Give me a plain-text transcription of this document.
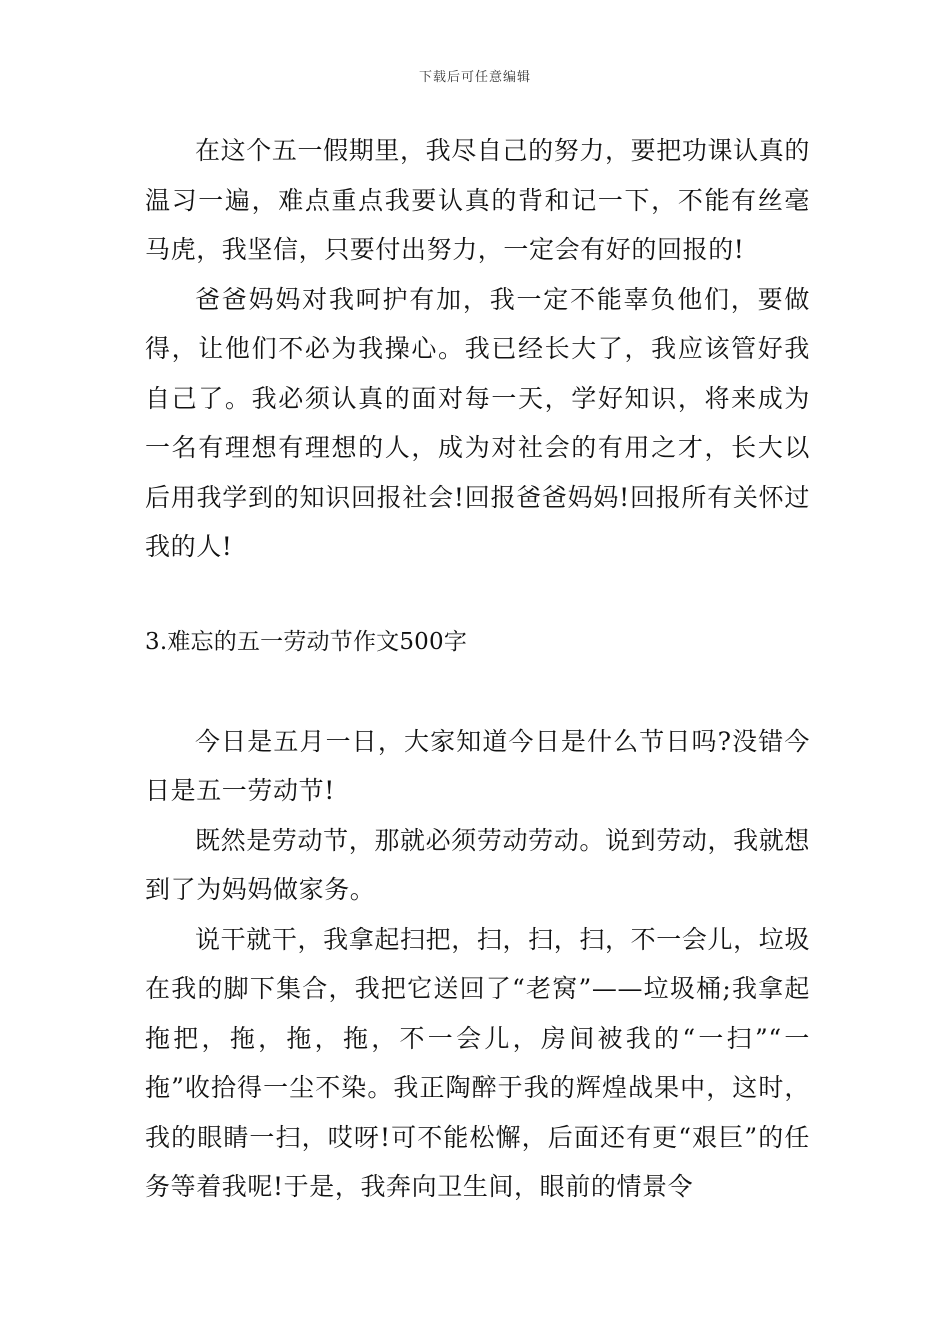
下载后可任意编辑

在这个五一假期里，我尽自己的努力，要把功课认真的温习一遍，难点重点我要认真的背和记一下，不能有丝毫马虎，我坚信，只要付出努力，一定会有好的回报的!

爸爸妈妈对我呵护有加，我一定不能辜负他们，要做得，让他们不必为我操心。我已经长大了，我应该管好我自己了。我必须认真的面对每一天，学好知识，将来成为一名有理想有理想的人，成为对社会的有用之才，长大以后用我学到的知识回报社会!回报爸爸妈妈!回报所有关怀过我的人!

3.难忘的五一劳动节作文500字

今日是五月一日，大家知道今日是什么节日吗?没错今日是五一劳动节!

既然是劳动节，那就必须劳动劳动。说到劳动，我就想到了为妈妈做家务。

说干就干，我拿起扫把，扫，扫，扫，不一会儿，垃圾在我的脚下集合，我把它送回了“老窝”——垃圾桶;我拿起拖把，拖，拖，拖，不一会儿，房间被我的“一扫”“一拖”收拾得一尘不染。我正陶醉于我的辉煌战果中，这时，我的眼睛一扫，哎呀!可不能松懈，后面还有更“艰巨”的任务等着我呢!于是，我奔向卫生间，眼前的情景令
